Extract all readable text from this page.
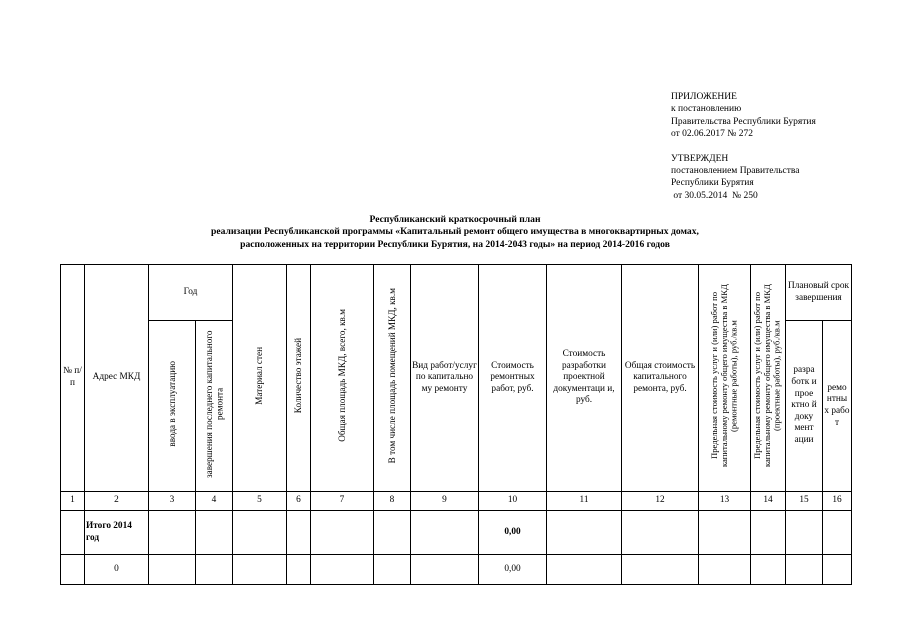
ПРИЛОЖЕНИЕ
к постановлению
Правительства Республики Бурятия
от 02.06.2017 № 272
УТВЕРЖДЕН
постановлением Правительства
Республики Бурятия
от 30.05.2014  № 250
Республиканский краткосрочный план
реализации Республиканской программы «Капитальный ремонт общего имущества в многоквартирных домах,
расположенных на территории Республики Бурятия, на 2014-2043 годы» на период 2014-2016 годов
№ п/п	Адрес МКД	Год		Материал стен	Количество этажей	Общая площадь МКД, всего, кв.м	В том числе площадь помещений МКД, кв.м	Вид работ/услуг по капитально му ремонту	Стоимость ремонтных работ, руб.	Стоимость разработки проектной документаци и, руб.	Общая стоимость капитального ремонта, руб.	Предельная стоимость услуг и (или) работ по капитальному ремонту общего имущества в МКД (ремонтные работы), руб./кв.м	Предельная стоимость услуг и (или) работ по капитальному ремонту общего имущества в МКД (проектные работы), руб./кв.м	Плановый срок завершения	
		ввода в эксплуатацию	завершения последнего капитального ремонта											разра ботк и прое ктно й доку мент ации	ремо нтны х рабо т
1	2	3	4	5	6	7	8	9	10	11	12	13	14	15	16
	Итого 2014 год								0,00						
	0								0,00						
